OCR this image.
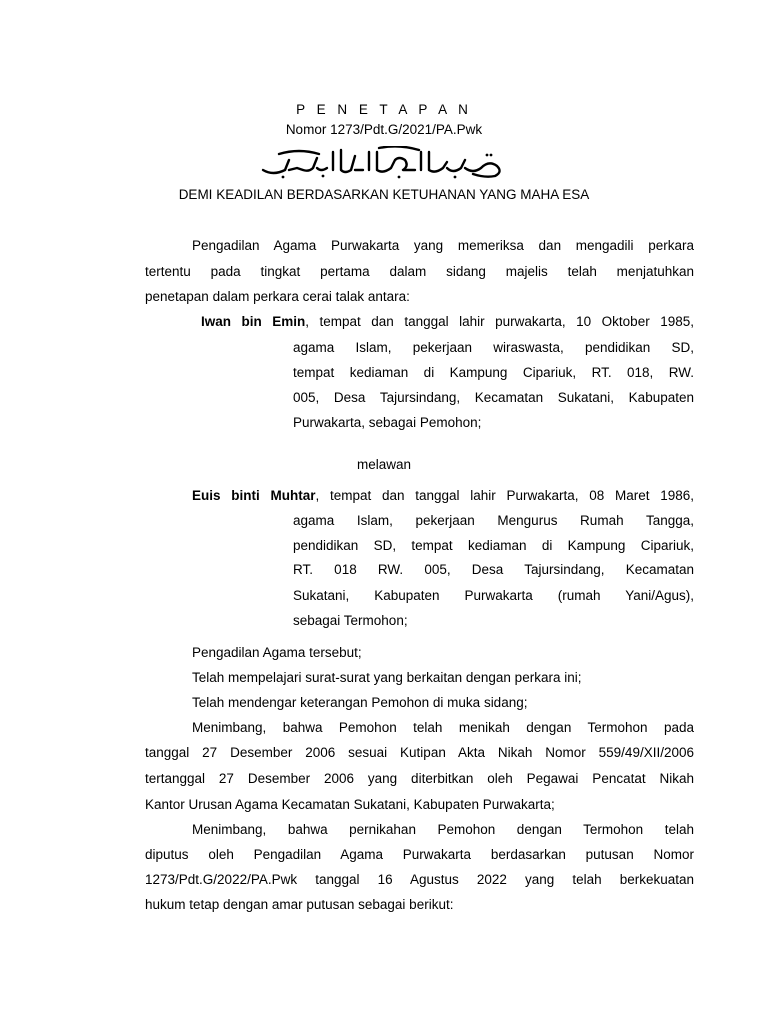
P E N E T A P A N
Nomor 1273/Pdt.G/2021/PA.Pwk
DEMI KEADILAN BERDASARKAN KETUHANAN YANG MAHA ESA
Pengadilan Agama Purwakarta yang memeriksa dan mengadili perkara
tertentu pada tingkat pertama dalam sidang majelis telah menjatuhkan
penetapan dalam perkara cerai talak antara:
Iwan bin Emin, tempat dan tanggal lahir purwakarta, 10 Oktober 1985,
agama Islam, pekerjaan wiraswasta, pendidikan SD,
tempat kediaman di Kampung Cipariuk, RT. 018, RW.
005, Desa Tajursindang, Kecamatan Sukatani, Kabupaten
Purwakarta, sebagai Pemohon;
melawan
Euis binti Muhtar, tempat dan tanggal lahir Purwakarta, 08 Maret 1986,
agama Islam, pekerjaan Mengurus Rumah Tangga,
pendidikan SD, tempat kediaman di Kampung Cipariuk,
RT. 018 RW. 005, Desa Tajursindang, Kecamatan
Sukatani, Kabupaten Purwakarta (rumah Yani/Agus),
sebagai Termohon;
Pengadilan Agama tersebut;
Telah mempelajari surat-surat yang berkaitan dengan perkara ini;
Telah mendengar keterangan Pemohon di muka sidang;
Menimbang, bahwa Pemohon telah menikah dengan Termohon pada
tanggal 27 Desember 2006 sesuai Kutipan Akta Nikah Nomor 559/49/XII/2006
tertanggal 27 Desember 2006 yang diterbitkan oleh Pegawai Pencatat Nikah
Kantor Urusan Agama Kecamatan Sukatani, Kabupaten Purwakarta;
Menimbang, bahwa pernikahan Pemohon dengan Termohon telah
diputus oleh Pengadilan Agama Purwakarta berdasarkan putusan Nomor
1273/Pdt.G/2022/PA.Pwk tanggal 16 Agustus 2022 yang telah berkekuatan
hukum tetap dengan amar putusan sebagai berikut:
